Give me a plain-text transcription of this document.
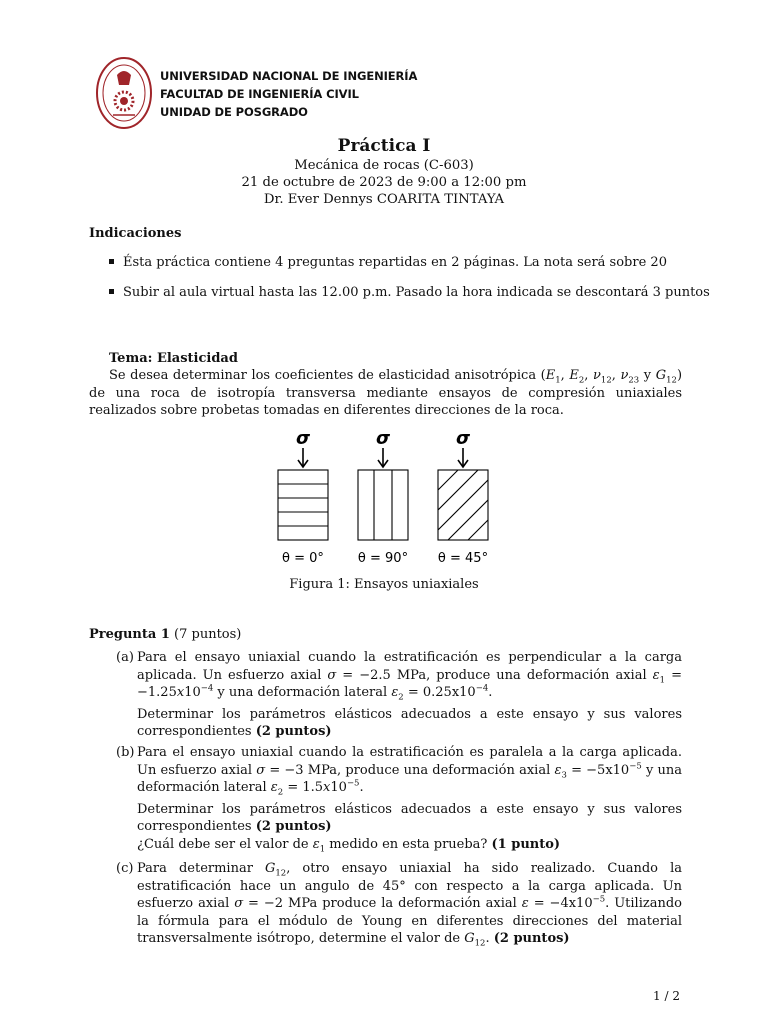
UNIVERSIDAD NACIONAL DE INGENIERÍA
FACULTAD DE INGENIERÍA CIVIL
UNIDAD DE POSGRADO
Práctica I
Mecánica de rocas (C-603)
21 de octubre de 2023 de 9:00 a 12:00 pm
Dr. Ever Dennys COARITA TINTAYA
Indicaciones
Ésta práctica contiene 4 preguntas repartidas en 2 páginas. La nota será sobre 20
Subir al aula virtual hasta las 12.00 p.m. Pasado la hora indicada se descontará 3 puntos
Tema: Elasticidad
Se desea determinar los coeficientes de elasticidad anisotrópica ($E_1$, $E_2$, $\nu_{12}$, $\nu_{23}$ y $G_{12}$) de una roca de isotropía transversa mediante ensayos de compresión uniaxiales realizados sobre probetas tomadas en diferentes direcciones de la roca.
σ	σ	σ
θ = 0°	θ = 90° θ = 45°
Figura 1: Ensayos uniaxiales
Pregunta 1 (7 puntos)
(a) Para el ensayo uniaxial cuando la estratificación es perpendicular a la carga aplicada. Un esfuerzo axial σ = −2.5 MPa, produce una deformación axial $\varepsilon_1 = -1.25x10^{-4}$ y una deformación lateral $\varepsilon_2 = 0.25x10^{-4}$.

Determinar los parámetros elásticos adecuados a este ensayo y sus valores correspondientes (2 puntos)

(b) Para el ensayo uniaxial cuando la estratificación es paralela a la carga aplicada. Un esfuerzo axial σ = −3 MPa, produce una deformación axial $\varepsilon_3 = -5x10^{-5}$ y una deformación lateral $\varepsilon_2 = 1.5x10^{-5}$.

Determinar los parámetros elásticos adecuados a este ensayo y sus valores correspondientes (2 puntos)

¿Cuál debe ser el valor de $\varepsilon_1$ medido en esta prueba? (1 punto)

(c) Para determinar $G_{12}$, otro ensayo uniaxial ha sido realizado. Cuando la estratificación hace un angulo de 45° con respecto a la carga aplicada. Un esfuerzo axial σ = −2 MPa produce la deformación axial $\varepsilon = -4x10^{-5}$. Utilizando la fórmula para el módulo de Young en diferentes direcciones del material transversalmente isótropo, determine el valor de $G_{12}$. (2 puntos)

1 / 2
